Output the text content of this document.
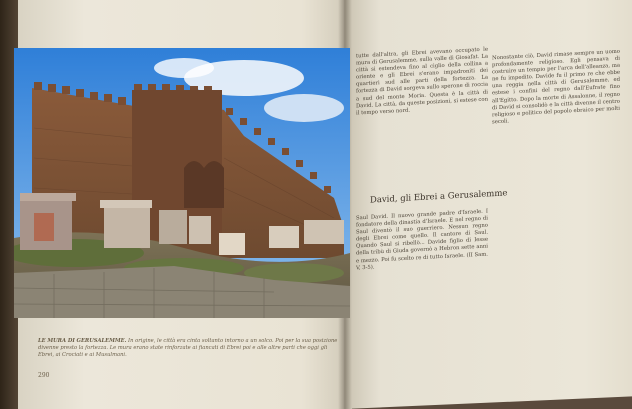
LE MURA DI GERUSALEMME. In origine, le città era cinta soltanto intorno a un solco. Poi per la sua posizione divenne presto la fortezza. Le mura erano state rinforzate ai fiancati di Ebrei poi e alle altre parti che oggi gli Ebrei, ai Crociati e ai Musulmani.
290
tutte dall'altra, gli Ebrei avevano occupato le mura di Gerusalemme, sulla valle di Giosafat. La città si estendeva fino al ciglio della collina a oriente e gli Ebrei s'erano impadroniti dei quartieri sud alle parti della fortezza. La fortezza di David sorgeva sullo sperone di roccia a sud del monte Moria. Questa è la città di David. La città, da queste posizioni, si estese con il tempo verso nord.
David, gli Ebrei a Gerusalemme
Saul David. Il nuovo grande padre d'Israele. I fondatore della dinastia d'Israele. E nel regno di Saul diventò il suo guerriero. Nessun regno degli Ebrei come quello. Il cantore di Saul. Quando Saul si ribellò... Davide figlio di Iesse della tribù di Giuda governò a Hebron sette anni e mezzo. Poi fu scelto re di tutto Israele. (II Sam. V, 3-5).
Nonostante ciò, David rimase sempre un uomo profondamente religioso. Egli pensava di costruire un tempio per l'arca dell'alleanza, ma ne fu impedito. Davide fu il primo re che ebbe una reggia nella città di Gerusalemme, ed estese i confini del regno dall'Eufrate fino all'Egitto. Dopo la morte di Assalonne, il regno di David si consolidò e la città divenne il centro religioso e politico del popolo ebraico per molti secoli.
